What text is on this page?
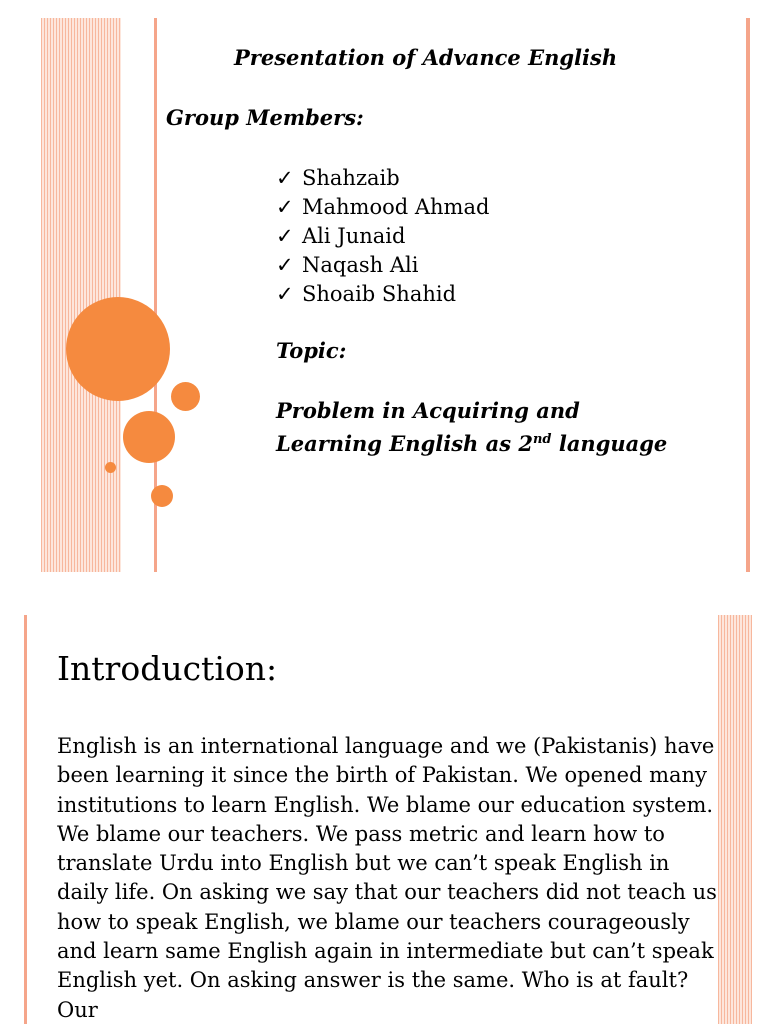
Presentation of Advance English
Group Members:
✓ Shahzaib
✓ Mahmood Ahmad
✓ Ali Junaid
✓ Naqash Ali
✓ Shoaib Shahid
Topic:
Problem in Acquiring and
Learning English as 2nd language
Introduction:

English is an international language and we (Pakistanis) have been learning it since the birth of Pakistan. We opened many institutions to learn English. We blame our education system. We blame our teachers. We pass metric and learn how to translate Urdu into English but we can’t speak English in daily life. On asking we say that our teachers did not teach us how to speak English, we blame our teachers courageously and learn same English again in intermediate but can’t speak English yet. On asking answer is the same. Who is at fault? Our
